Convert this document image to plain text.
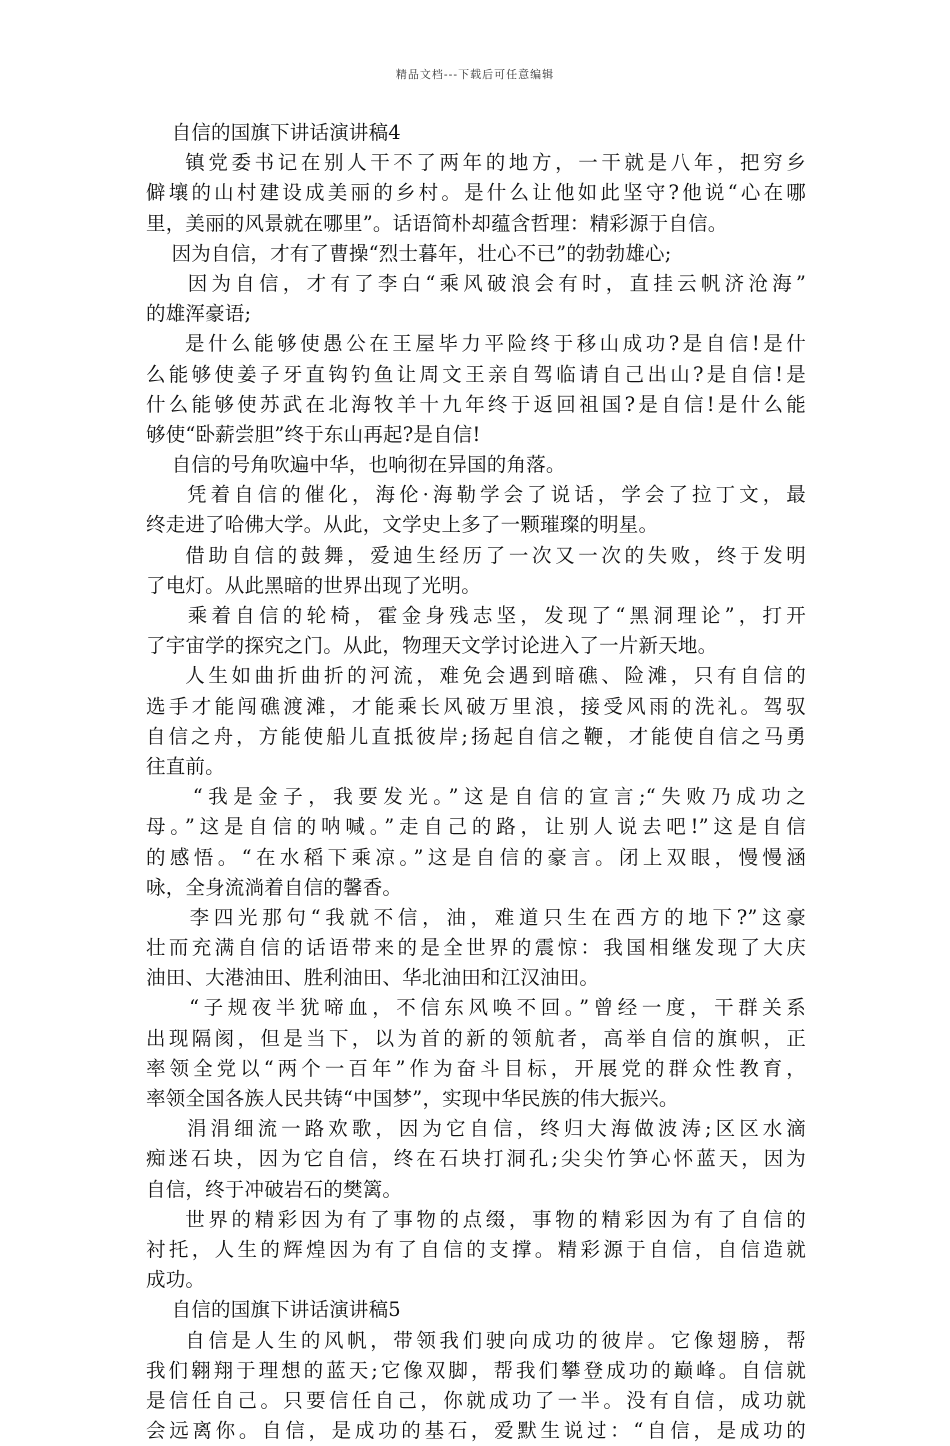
精品文档---下载后可任意编辑
自信的国旗下讲话演讲稿4
镇党委书记在别人干不了两年的地方，一干就是八年，把穷乡
僻壤的山村建设成美丽的乡村。是什么让他如此坚守?他说“心在哪
里，美丽的风景就在哪里”。话语简朴却蕴含哲理：精彩源于自信。
因为自信，才有了曹操“烈士暮年，壮心不已”的勃勃雄心;
因为自信，才有了李白“乘风破浪会有时，直挂云帆济沧海”
的雄浑豪语;
是什么能够使愚公在王屋毕力平险终于移山成功?是自信!是什
么能够使姜子牙直钩钓鱼让周文王亲自驾临请自己出山?是自信!是
什么能够使苏武在北海牧羊十九年终于返回祖国?是自信!是什么能
够使“卧薪尝胆”终于东山再起?是自信!
自信的号角吹遍中华，也响彻在异国的角落。
凭着自信的催化，海伦·海勒学会了说话，学会了拉丁文，最
终走进了哈佛大学。从此，文学史上多了一颗璀璨的明星。
借助自信的鼓舞，爱迪生经历了一次又一次的失败，终于发明
了电灯。从此黑暗的世界出现了光明。
乘着自信的轮椅，霍金身残志坚，发现了“黑洞理论”，打开
了宇宙学的探究之门。从此，物理天文学讨论进入了一片新天地。
人生如曲折曲折的河流，难免会遇到暗礁、险滩，只有自信的
选手才能闯礁渡滩，才能乘长风破万里浪，接受风雨的洗礼。驾驭
自信之舟，方能使船儿直抵彼岸;扬起自信之鞭，才能使自信之马勇
往直前。
“我是金子，我要发光。”这是自信的宣言;“失败乃成功之
母。”这是自信的呐喊。”走自己的路，让别人说去吧!”这是自信
的感悟。“在水稻下乘凉。”这是自信的豪言。闭上双眼，慢慢涵
咏，全身流淌着自信的馨香。
李四光那句“我就不信，油，难道只生在西方的地下?”这豪
壮而充满自信的话语带来的是全世界的震惊：我国相继发现了大庆
油田、大港油田、胜利油田、华北油田和江汉油田。
“子规夜半犹啼血，不信东风唤不回。”曾经一度，干群关系
出现隔阂，但是当下，以为首的新的领航者，高举自信的旗帜，正
率领全党以“两个一百年”作为奋斗目标，开展党的群众性教育，
率领全国各族人民共铸“中国梦”，实现中华民族的伟大振兴。
涓涓细流一路欢歌，因为它自信，终归大海做波涛;区区水滴
痴迷石块，因为它自信，终在石块打洞孔;尖尖竹笋心怀蓝天，因为
自信，终于冲破岩石的樊篱。
世界的精彩因为有了事物的点缀，事物的精彩因为有了自信的
衬托，人生的辉煌因为有了自信的支撑。精彩源于自信，自信造就
成功。
自信的国旗下讲话演讲稿5
自信是人生的风帆，带领我们驶向成功的彼岸。它像翅膀，帮
我们翱翔于理想的蓝天;它像双脚，帮我们攀登成功的巅峰。自信就
是信任自己。只要信任自己，你就成功了一半。没有自信，成功就
会远离你。自信，是成功的基石，爱默生说过：“自信，是成功的
